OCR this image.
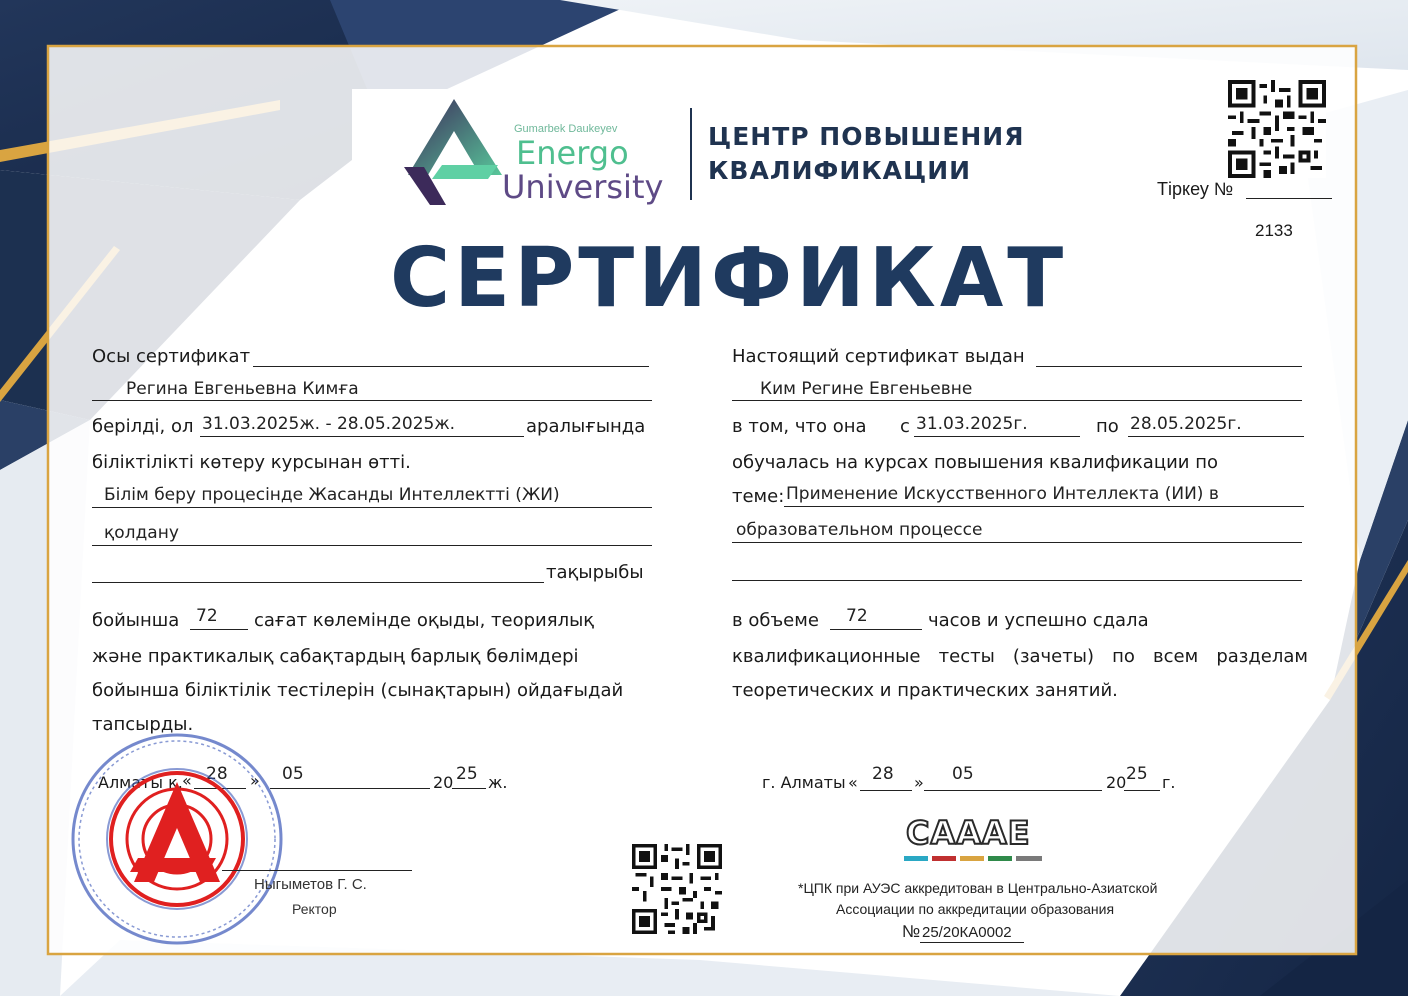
Gumarbek Daukeyev
Energo
University
ЦЕНТР ПОВЫШЕНИЯ
КВАЛИФИКАЦИИ
Тіркеу №
2133
СЕРТИФИКАТ
Осы сертификат
Регина Евгеньевна Кимға
берілді, ол 31.03.2025ж. - 28.05.2025ж.	аралығында
біліктілікті көтеру курсынан өтті.
Білім беру процесінде Жасанды Интеллектті (ЖИ)
қолдану
тақырыбы
бойынша 72 сағат көлемінде оқыды, теориялық
және практикалық сабақтардың барлық бөлімдері
бойынша біліктілік тестілерін (сынақтарын) ойдағыдай
тапсырды.
Алматы қ. « 28 » 05	20 25 ж.
Ныгыметов Г. С.
Ректор
Настоящий сертификат выдан
Ким Регине Евгеньевне
в том, что она с 31.03.2025г.	по 28.05.2025г.
обучалась на курсах повышения квалификации по
теме: Применение Искусственного Интеллекта (ИИ) в
образовательном процессе
в объеме 72	часов и успешно сдала
квалификационные тесты (зачеты) по всем разделам
теоретических и практических занятий.
г. Алматы « 28 » 05	20 25 г.
CAAAE
*ЦПК при АУЭС аккредитован в Центрально-Азиатской
Ассоциации по аккредитации образования
№ 25/20КА0002
